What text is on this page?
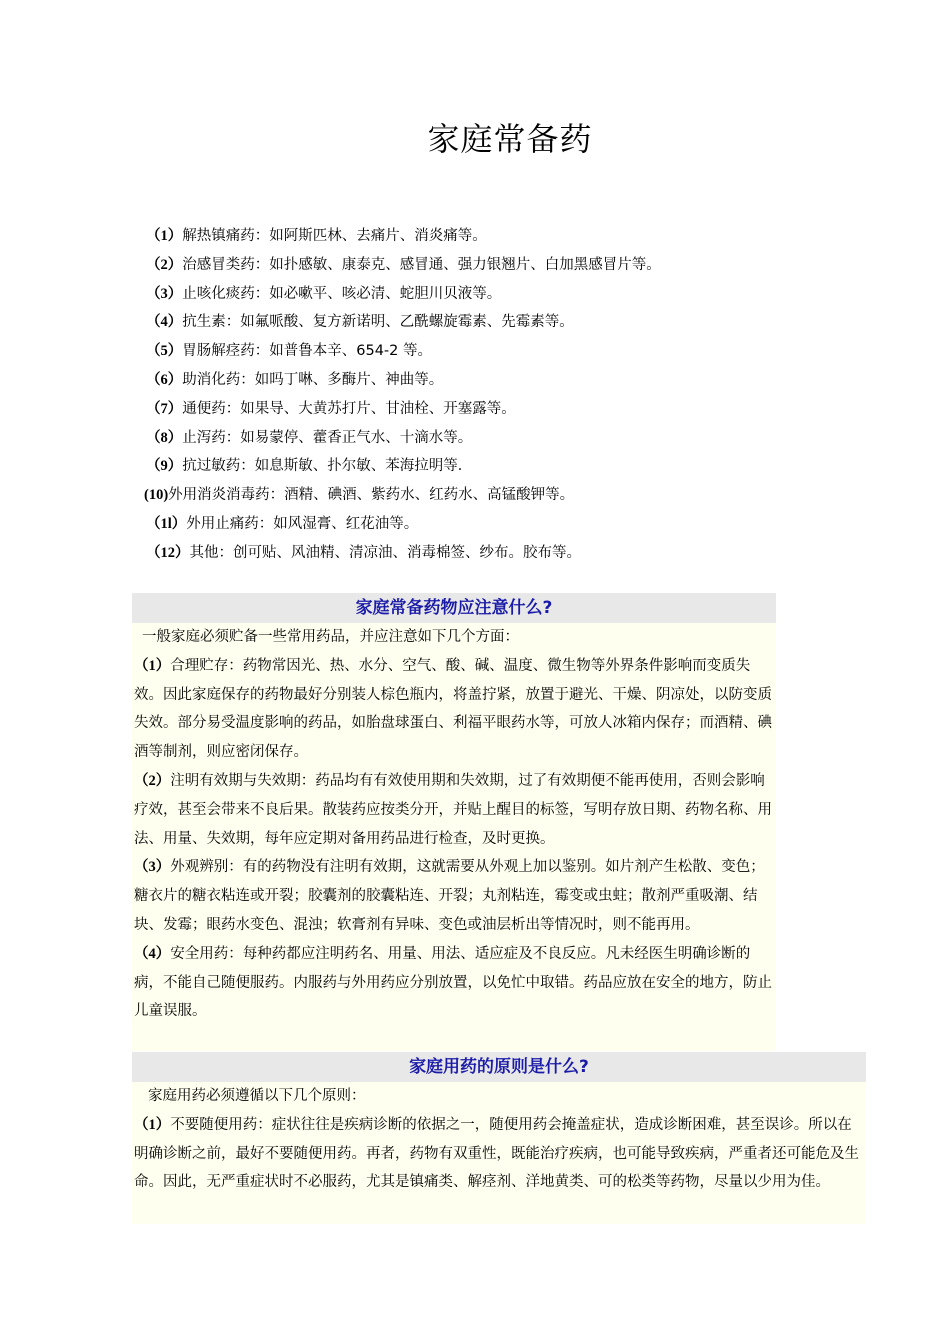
家庭常备药
（1）解热镇痛药：如阿斯匹林、去痛片、消炎痛等。
（2）治感冒类药：如扑感敏、康泰克、感冒通、强力银翘片、白加黑感冒片等。
（3）止咳化痰药：如必嗽平、咳必清、蛇胆川贝液等。
（4）抗生素：如氟哌酸、复方新诺明、乙酰螺旋霉素、先霉素等。
（5）胃肠解痉药：如普鲁本辛、654-2 等。
（6）助消化药：如吗丁啉、多酶片、神曲等。
（7）通便药：如果导、大黄苏打片、甘油栓、开塞露等。
（8）止泻药：如易蒙停、藿香正气水、十滴水等。
（9）抗过敏药：如息斯敏、扑尔敏、苯海拉明等．
(10)外用消炎消毒药：酒精、碘酒、紫药水、红药水、高锰酸钾等。
（1l）外用止痛药：如风湿膏、红花油等。
（12）其他：创可贴、风油精、清凉油、消毒棉签、纱布。胶布等。
家庭常备药物应注意什么?

一般家庭必须贮备一些常用药品，并应注意如下几个方面：

（1）合理贮存：药物常因光、热、水分、空气、酸、碱、温度、微生物等外界条件影响而变质失效。因此家庭保存的药物最好分别装人棕色瓶内，将盖拧紧，放置于避光、干燥、阴凉处，以防变质失效。部分易受温度影响的药品，如胎盘球蛋白、利福平眼药水等，可放人冰箱内保存；而酒精、碘酒等制剂，则应密闭保存。

（2）注明有效期与失效期：药品均有有效使用期和失效期，过了有效期便不能再使用，否则会影响疗效，甚至会带来不良后果。散装药应按类分开，并贴上醒目的标签，写明存放日期、药物名称、用法、用量、失效期，每年应定期对备用药品进行检查，及时更换。

（3）外观辨别：有的药物没有注明有效期，这就需要从外观上加以鉴别。如片剂产生松散、变色；糖衣片的糖衣粘连或开裂；胶囊剂的胶囊粘连、开裂；丸剂粘连，霉变或虫蛀；散剂严重吸潮、结块、发霉；眼药水变色、混浊；软膏剂有异味、变色或油层析出等情况时，则不能再用。

（4）安全用药：每种药都应注明药名、用量、用法、适应症及不良反应。凡未经医生明确诊断的病，不能自己随便服药。内服药与外用药应分别放置，以免忙中取错。药品应放在安全的地方，防止儿童误服。

家庭用药的原则是什么?

家庭用药必须遵循以下几个原则：

（1）不要随便用药：症状往往是疾病诊断的依据之一，随便用药会掩盖症状，造成诊断困难，甚至误诊。所以在明确诊断之前，最好不要随便用药。再者，药物有双重性，既能治疗疾病，也可能导致疾病，严重者还可能危及生命。因此，无严重症状时不必服药，尤其是镇痛类、解痉剂、洋地黄类、可的松类等药物，尽量以少用为佳。
